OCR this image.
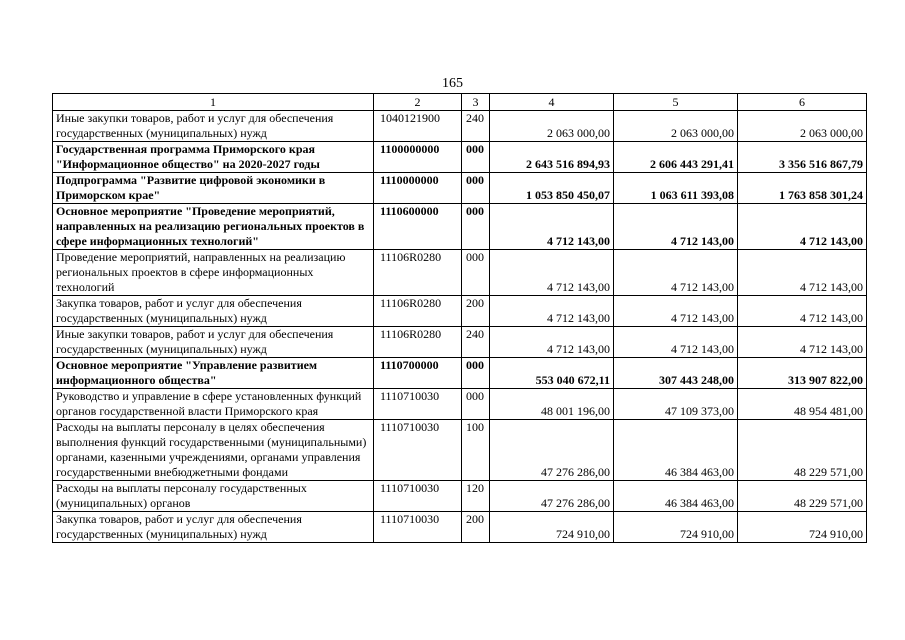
165
1	2	3	4	5	6
Иные закупки товаров, работ и услуг для обеспечения государственных (муниципальных) нужд	1040121900	240	2 063 000,00	2 063 000,00	2 063 000,00
Государственная программа Приморского края "Информационное общество" на 2020-2027 годы	1100000000	000	2 643 516 894,93	2 606 443 291,41	3 356 516 867,79
Подпрограмма "Развитие цифровой экономики в Приморском крае"	1110000000	000	1 053 850 450,07	1 063 611 393,08	1 763 858 301,24
Основное мероприятие "Проведение мероприятий, направленных на реализацию региональных проектов в сфере информационных технологий"	1110600000	000	4 712 143,00	4 712 143,00	4 712 143,00
Проведение мероприятий, направленных на реализацию региональных проектов в сфере информационных технологий	11106R0280	000	4 712 143,00	4 712 143,00	4 712 143,00
Закупка товаров, работ и услуг для обеспечения государственных (муниципальных) нужд	11106R0280	200	4 712 143,00	4 712 143,00	4 712 143,00
Иные закупки товаров, работ и услуг для обеспечения государственных (муниципальных) нужд	11106R0280	240	4 712 143,00	4 712 143,00	4 712 143,00
Основное мероприятие "Управление развитием информационного общества"	1110700000	000	553 040 672,11	307 443 248,00	313 907 822,00
Руководство и управление в сфере установленных функций органов государственной власти Приморского края	1110710030	000	48 001 196,00	47 109 373,00	48 954 481,00
Расходы на выплаты персоналу в целях обеспечения выполнения функций государственными (муниципальными) органами, казенными учреждениями, органами управления государственными внебюджетными фондами	1110710030	100	47 276 286,00	46 384 463,00	48 229 571,00
Расходы на выплаты персоналу государственных (муниципальных) органов	1110710030	120	47 276 286,00	46 384 463,00	48 229 571,00
Закупка товаров, работ и услуг для обеспечения государственных (муниципальных) нужд	1110710030	200	724 910,00	724 910,00	724 910,00
